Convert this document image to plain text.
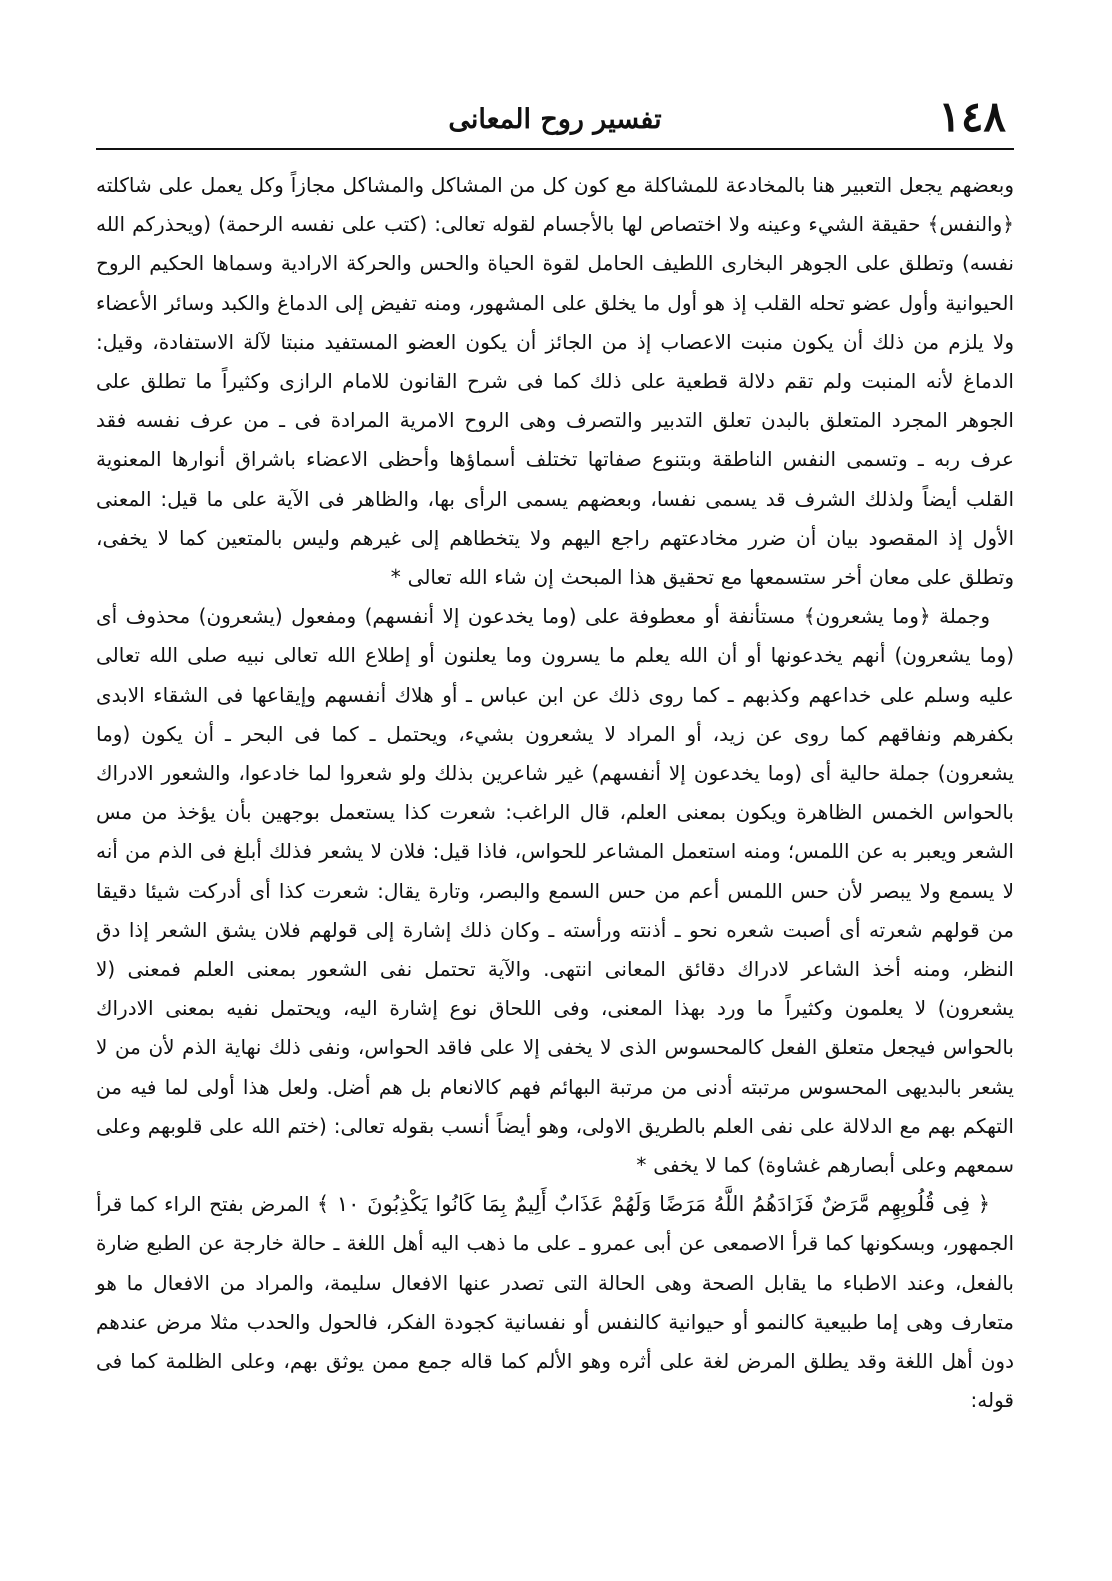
١٤٨
تفسير روح المعانى

وبعضهم يجعل التعبير هنا بالمخادعة للمشاكلة مع كون كل من المشاكل والمشاكل مجازاً وكل يعمل على شاكلته ﴿والنفس﴾ حقيقة الشيء وعينه ولا اختصاص لها بالأجسام لقوله تعالى: (كتب على نفسه الرحمة) (ويحذركم الله نفسه) وتطلق على الجوهر البخارى اللطيف الحامل لقوة الحياة والحس والحركة الارادية وسماها الحكيم الروح الحيوانية وأول عضو تحله القلب إذ هو أول ما يخلق على المشهور، ومنه تفيض إلى الدماغ والكبد وسائر الأعضاء ولا يلزم من ذلك أن يكون منبت الاعصاب إذ من الجائز أن يكون العضو المستفيد منبتا لآلة الاستفادة، وقيل: الدماغ لأنه المنبت ولم تقم دلالة قطعية على ذلك كما فى شرح القانون للامام الرازى وكثيراً ما تطلق على الجوهر المجرد المتعلق بالبدن تعلق التدبير والتصرف وهى الروح الامرية المرادة فى ـ من عرف نفسه فقد عرف ربه ـ وتسمى النفس الناطقة وبتنوع صفاتها تختلف أسماؤها وأحظى الاعضاء باشراق أنوارها المعنوية القلب أيضاً ولذلك الشرف قد يسمى نفسا، وبعضهم يسمى الرأى بها، والظاهر فى الآية على ما قيل: المعنى الأول إذ المقصود بيان أن ضرر مخادعتهم راجع اليهم ولا يتخطاهم إلى غيرهم وليس بالمتعين كما لا يخفى، وتطلق على معان أخر ستسمعها مع تحقيق هذا المبحث إن شاء الله تعالى *

وجملة ﴿وما يشعرون﴾ مستأنفة أو معطوفة على (وما يخدعون إلا أنفسهم) ومفعول (يشعرون) محذوف أى (وما يشعرون) أنهم يخدعونها أو أن الله يعلم ما يسرون وما يعلنون أو إطلاع الله تعالى نبيه صلى الله تعالى عليه وسلم على خداعهم وكذبهم ـ كما روى ذلك عن ابن عباس ـ أو هلاك أنفسهم وإيقاعها فى الشقاء الابدى بكفرهم ونفاقهم كما روى عن زيد، أو المراد لا يشعرون بشيء، ويحتمل ـ كما فى البحر ـ أن يكون (وما يشعرون) جملة حالية أى (وما يخدعون إلا أنفسهم) غير شاعرين بذلك ولو شعروا لما خادعوا، والشعور الادراك بالحواس الخمس الظاهرة ويكون بمعنى العلم، قال الراغب: شعرت كذا يستعمل بوجهين بأن يؤخذ من مس الشعر ويعبر به عن اللمس؛ ومنه استعمل المشاعر للحواس، فاذا قيل: فلان لا يشعر فذلك أبلغ فى الذم من أنه لا يسمع ولا يبصر لأن حس اللمس أعم من حس السمع والبصر، وتارة يقال: شعرت كذا أى أدركت شيئا دقيقا من قولهم شعرته أى أصبت شعره نحو ـ أذنته ورأسته ـ وكان ذلك إشارة إلى قولهم فلان يشق الشعر إذا دق النظر، ومنه أخذ الشاعر لادراك دقائق المعانى انتهى. والآية تحتمل نفى الشعور بمعنى العلم فمعنى (لا يشعرون) لا يعلمون وكثيراً ما ورد بهذا المعنى، وفى اللحاق نوع إشارة اليه، ويحتمل نفيه بمعنى الادراك بالحواس فيجعل متعلق الفعل كالمحسوس الذى لا يخفى إلا على فاقد الحواس، ونفى ذلك نهاية الذم لأن من لا يشعر بالبديهى المحسوس مرتبته أدنى من مرتبة البهائم فهم كالانعام بل هم أضل. ولعل هذا أولى لما فيه من التهكم بهم مع الدلالة على نفى العلم بالطريق الاولى، وهو أيضاً أنسب بقوله تعالى: (ختم الله على قلوبهم وعلى سمعهم وعلى أبصارهم غشاوة) كما لا يخفى *

﴿ فِى قُلُوبِهِم مَّرَضٌ فَزَادَهُمُ اللَّهُ مَرَضًا وَلَهُمْ عَذَابٌ أَلِيمٌ بِمَا كَانُوا يَكْذِبُونَ ١٠ ﴾ المرض بفتح الراء كما قرأ الجمهور، وبسكونها كما قرأ الاصمعى عن أبى عمرو ـ على ما ذهب اليه أهل اللغة ـ حالة خارجة عن الطبع ضارة بالفعل، وعند الاطباء ما يقابل الصحة وهى الحالة التى تصدر عنها الافعال سليمة، والمراد من الافعال ما هو متعارف وهى إما طبيعية كالنمو أو حيوانية كالنفس أو نفسانية كجودة الفكر، فالحول والحدب مثلا مرض عندهم دون أهل اللغة وقد يطلق المرض لغة على أثره وهو الألم كما قاله جمع ممن يوثق بهم، وعلى الظلمة كما فى قوله:
